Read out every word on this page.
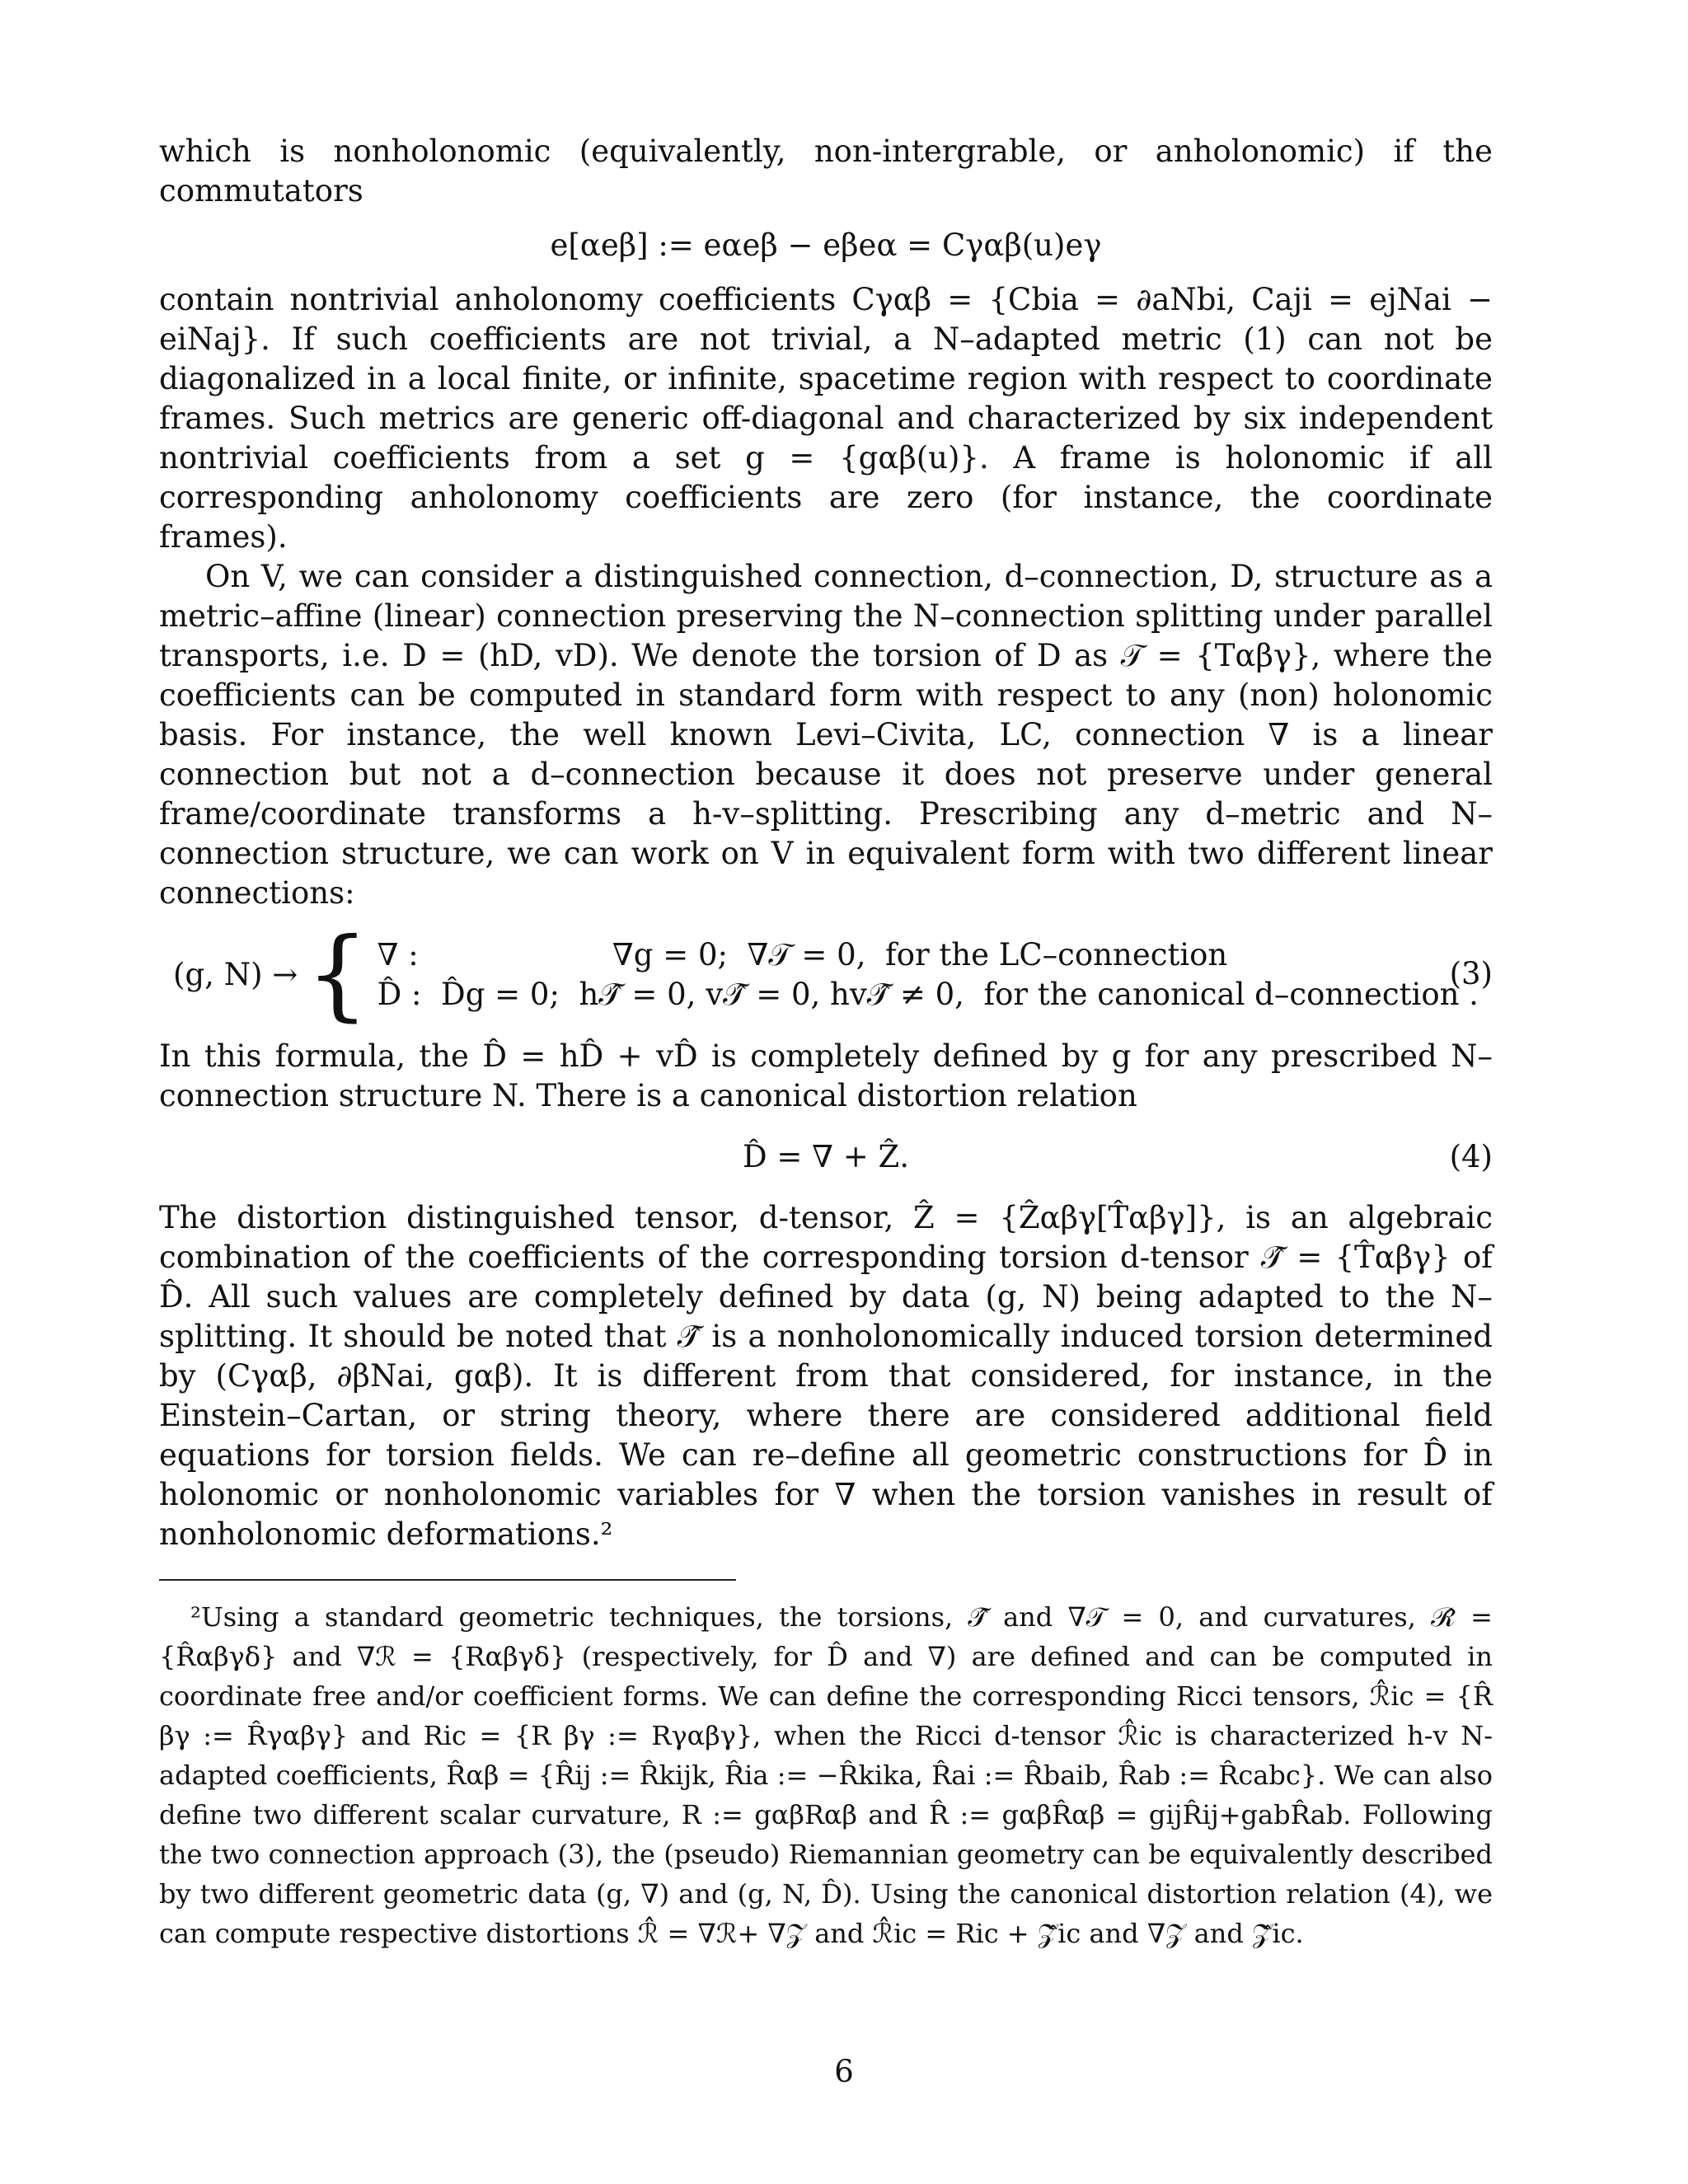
which is nonholonomic (equivalently, non-intergrable, or anholonomic) if the commutators

e[αeβ] := eαeβ − eβeα = Cγαβ(u)eγ

contain nontrivial anholonomy coefficients Cγαβ = {Cbia = ∂aNbi, Caji = ejNai − eiNaj}. If such coefficients are not trivial, a N–adapted metric (1) can not be diagonalized in a local finite, or infinite, spacetime region with respect to coordinate frames. Such metrics are generic off-diagonal and characterized by six independent nontrivial coefficients from a set g = {gαβ(u)}. A frame is holonomic if all corresponding anholonomy coefficients are zero (for instance, the coordinate frames).

On V, we can consider a distinguished connection, d–connection, D, structure as a metric–affine (linear) connection preserving the N–connection splitting under parallel transports, i.e. D = (hD, vD). We denote the torsion of D as 𝒯 = {Tαβγ}, where the coefficients can be computed in standard form with respect to any (non) holonomic basis. For instance, the well known Levi–Civita, LC, connection ∇ is a linear connection but not a d–connection because it does not preserve under general frame/coordinate transforms a h-v–splitting. Prescribing any d–metric and N–connection structure, we can work on V in equivalent form with two different linear connections:

(g, N) → { ∇ :                    ∇g = 0;  ∇𝒯 = 0,  for the LC–connection
D̂ :  D̂g = 0;  h𝒯̂ = 0, v𝒯̂ = 0, hv𝒯̂ ≠ 0,  for the canonical d–connection .
(3)

In this formula, the D̂ = hD̂ + vD̂ is completely defined by g for any prescribed N–connection structure N. There is a canonical distortion relation

D̂ = ∇ + Ẑ.	(4)

The distortion distinguished tensor, d-tensor, Ẑ = {Ẑαβγ[T̂αβγ]}, is an algebraic combination of the coefficients of the corresponding torsion d-tensor 𝒯̂ = {T̂αβγ} of D̂. All such values are completely defined by data (g, N) being adapted to the N–splitting. It should be noted that 𝒯̂ is a nonholonomically induced torsion determined by (Cγαβ, ∂βNai, gαβ). It is different from that considered, for instance, in the Einstein–Cartan, or string theory, where there are considered additional field equations for torsion fields. We can re–define all geometric constructions for D̂ in holonomic or nonholonomic variables for ∇ when the torsion vanishes in result of nonholonomic deformations.²

²Using a standard geometric techniques, the torsions, 𝒯̂ and ∇𝒯 = 0, and curvatures, ℛ̂ = {R̂αβγδ} and ∇ℛ = {Rαβγδ} (respectively, for D̂ and ∇) are defined and can be computed in coordinate free and/or coefficient forms. We can define the corresponding Ricci tensors, ℛ̂ic = {R̂ βγ := R̂γαβγ} and Ric = {R βγ := Rγαβγ}, when the Ricci d-tensor ℛ̂ic is characterized h-v N-adapted coefficients, R̂αβ = {R̂ij := R̂kijk, R̂ia := −R̂kika, R̂ai := R̂baib, R̂ab := R̂cabc}. We can also define two different scalar curvature, R := gαβRαβ and R̂ := gαβR̂αβ = gijR̂ij+gabR̂ab. Following the two connection approach (3), the (pseudo) Riemannian geometry can be equivalently described by two different geometric data (g, ∇) and (g, N, D̂). Using the canonical distortion relation (4), we can compute respective distortions ℛ̂ = ∇ℛ+ ∇𝒵 and ℛ̂ic = Ric + 𝒵̂ic and ∇𝒵 and 𝒵̂ic.

6
